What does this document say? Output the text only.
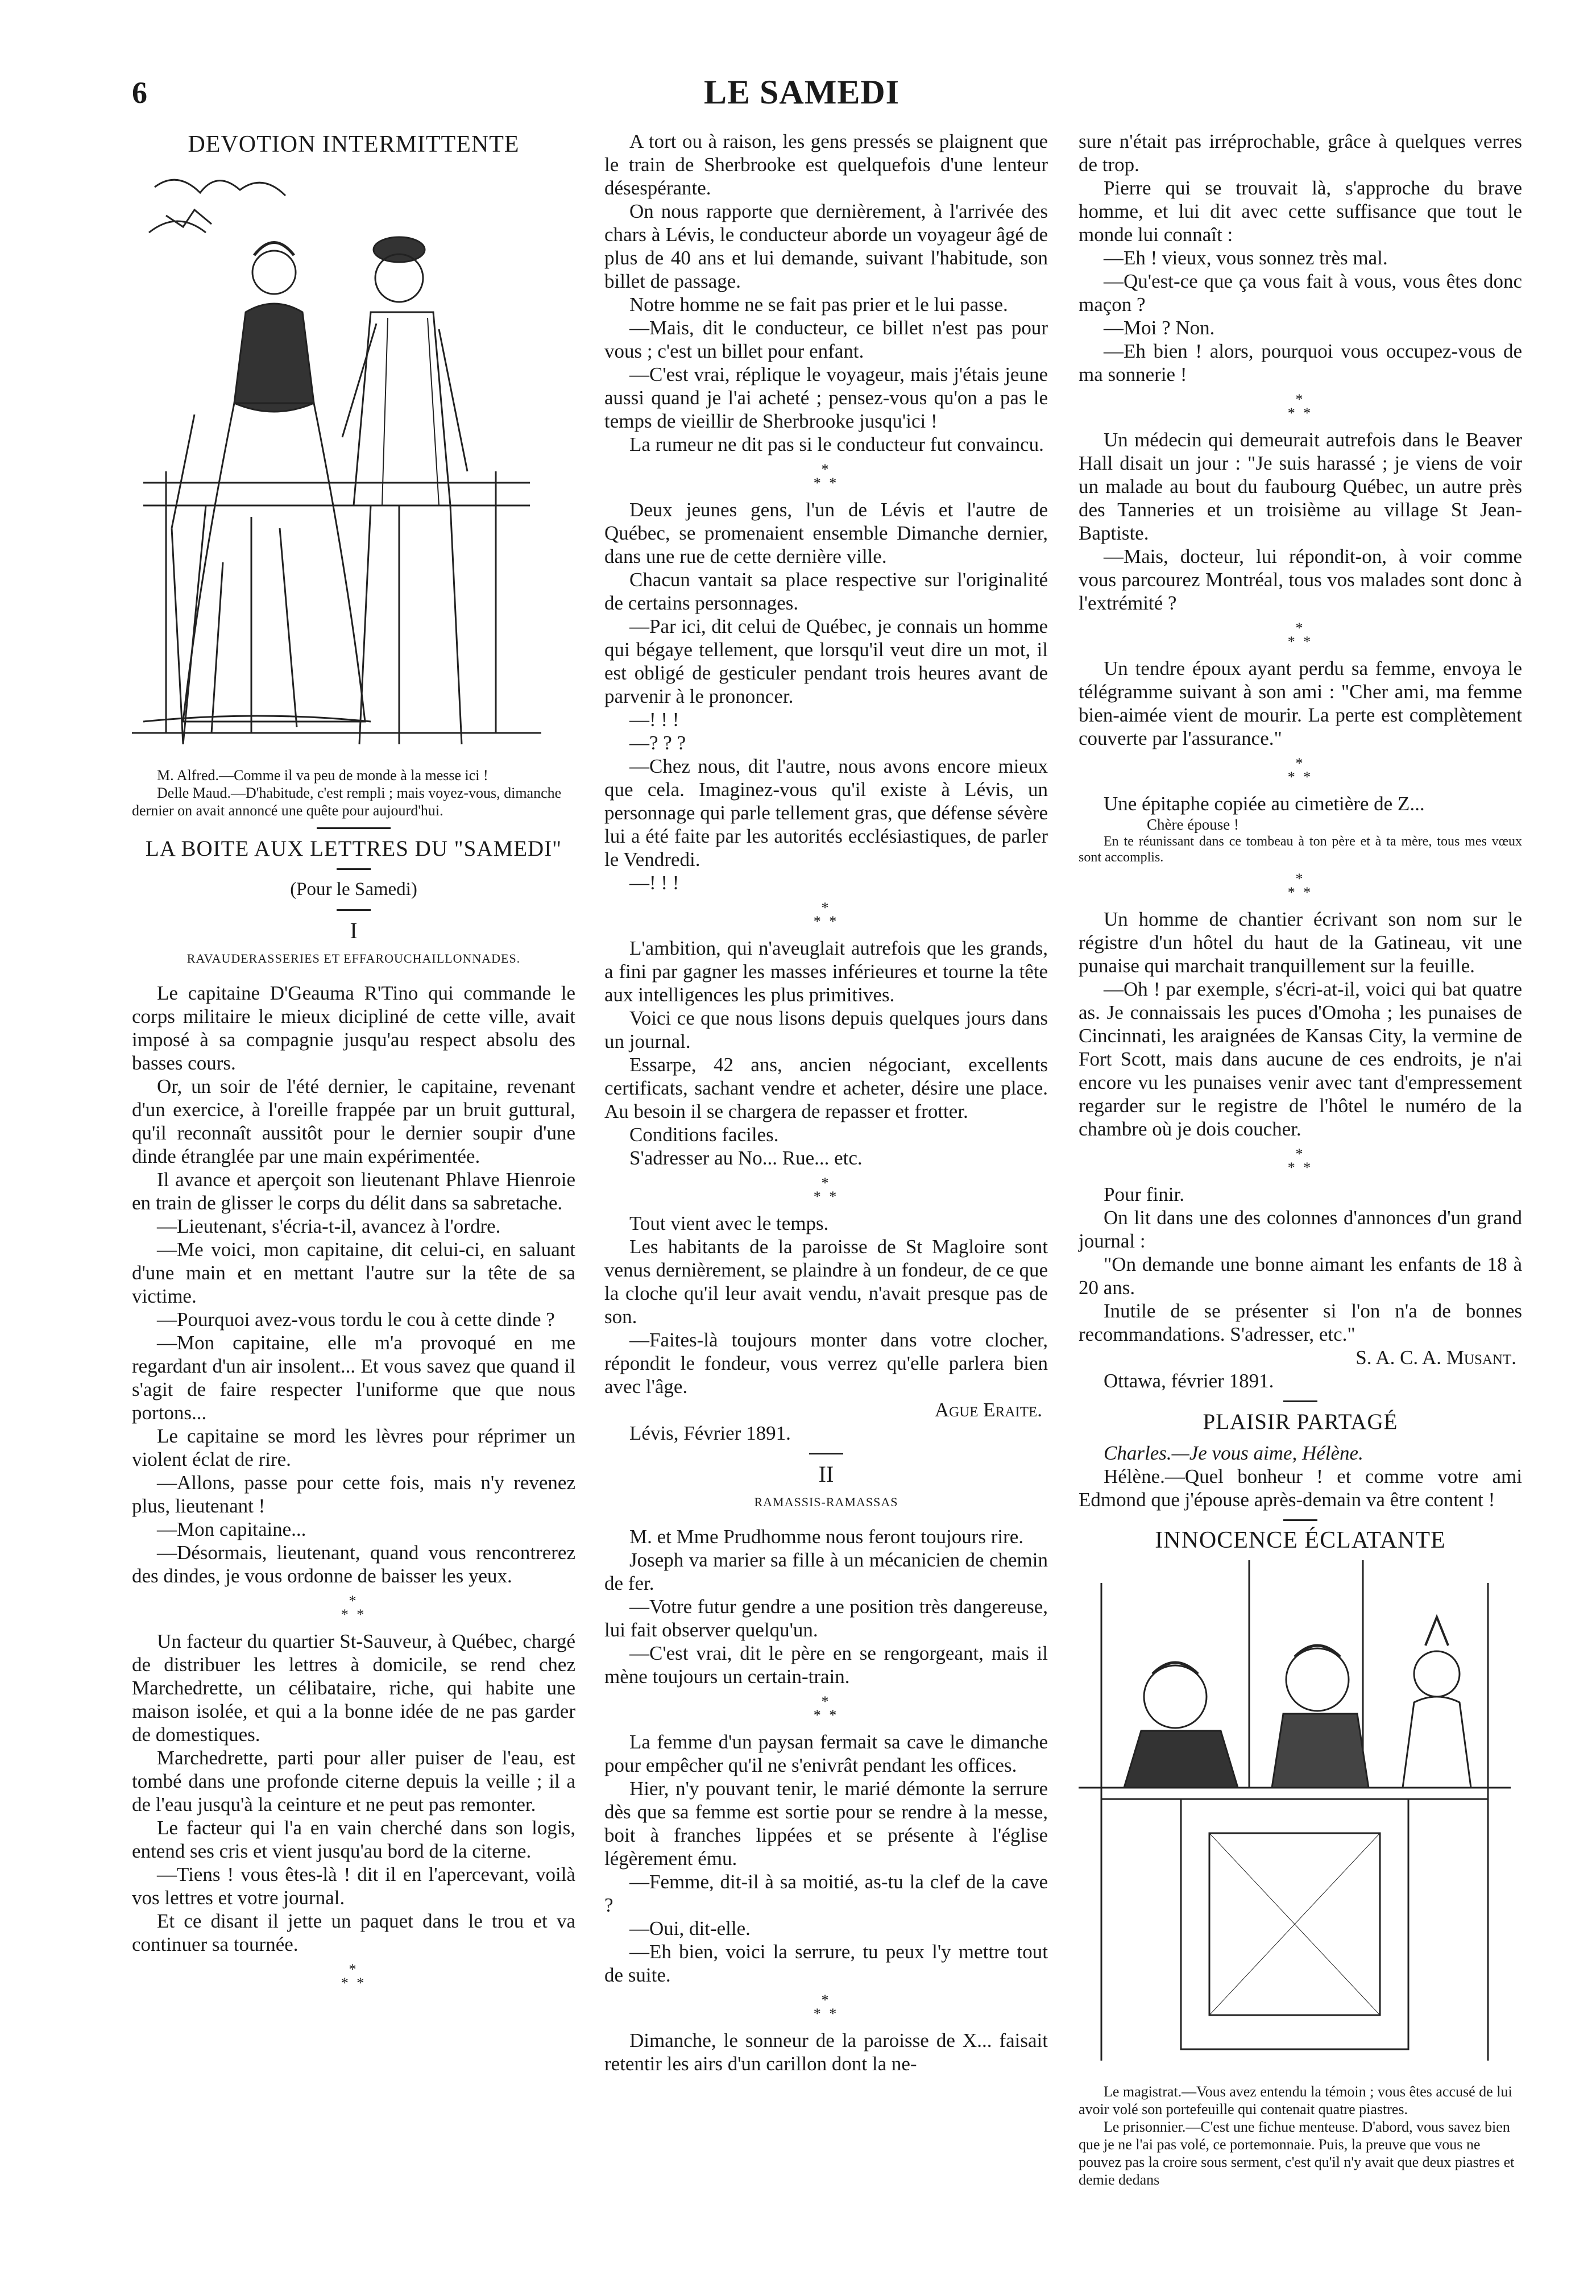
6	LE SAMEDI
DEVOTION INTERMITTENTE

M. Alfred.—Comme il va peu de monde à la messe ici !

Delle Maud.—D'habitude, c'est rempli ; mais voyez-vous, dimanche dernier on avait annoncé une quête pour aujourd'hui.

LA BOITE AUX LETTRES DU "SAMEDI"
(Pour le Samedi)
I
RAVAUDERASSERIES ET EFFAROUCHAILLONNADES.

Le capitaine D'Geauma R'Tino qui commande le corps militaire le mieux dicipliné de cette ville, avait imposé à sa compagnie jusqu'au respect absolu des basses cours.

Or, un soir de l'été dernier, le capitaine, revenant d'un exercice, à l'oreille frappée par un bruit guttural, qu'il reconnaît aussitôt pour le dernier soupir d'une dinde étranglée par une main expérimentée.

Il avance et aperçoit son lieutenant Phlave Hienroie en train de glisser le corps du délit dans sa sabretache.

—Lieutenant, s'écria-t-il, avancez à l'ordre.

—Me voici, mon capitaine, dit celui-ci, en saluant d'une main et en mettant l'autre sur la tête de sa victime.

—Pourquoi avez-vous tordu le cou à cette dinde ?

—Mon capitaine, elle m'a provoqué en me regardant d'un air insolent... Et vous savez que quand il s'agit de faire respecter l'uniforme que que nous portons...

Le capitaine se mord les lèvres pour réprimer un violent éclat de rire.

—Allons, passe pour cette fois, mais n'y revenez plus, lieutenant !

—Mon capitaine...

—Désormais, lieutenant, quand vous rencontrerez des dindes, je vous ordonne de baisser les yeux.

*
* *

Un facteur du quartier St-Sauveur, à Québec, chargé de distribuer les lettres à domicile, se rend chez Marchedrette, un célibataire, riche, qui habite une maison isolée, et qui a la bonne idée de ne pas garder de domestiques.

Marchedrette, parti pour aller puiser de l'eau, est tombé dans une profonde citerne depuis la veille ; il a de l'eau jusqu'à la ceinture et ne peut pas remonter.

Le facteur qui l'a en vain cherché dans son logis, entend ses cris et vient jusqu'au bord de la citerne.

—Tiens ! vous êtes-là ! dit il en l'apercevant, voilà vos lettres et votre journal.

Et ce disant il jette un paquet dans le trou et va continuer sa tournée.

*
* *

A tort ou à raison, les gens pressés se plaignent que le train de Sherbrooke est quelquefois d'une lenteur désespérante.

On nous rapporte que dernièrement, à l'arrivée des chars à Lévis, le conducteur aborde un voyageur âgé de plus de 40 ans et lui demande, suivant l'habitude, son billet de passage.

Notre homme ne se fait pas prier et le lui passe.

—Mais, dit le conducteur, ce billet n'est pas pour vous ; c'est un billet pour enfant.

—C'est vrai, réplique le voyageur, mais j'étais jeune aussi quand je l'ai acheté ; pensez-vous qu'on a pas le temps de vieillir de Sherbrooke jusqu'ici !

La rumeur ne dit pas si le conducteur fut convaincu.

*
* *

Deux jeunes gens, l'un de Lévis et l'autre de Québec, se promenaient ensemble Dimanche dernier, dans une rue de cette dernière ville.

Chacun vantait sa place respective sur l'originalité de certains personnages.

—Par ici, dit celui de Québec, je connais un homme qui bégaye tellement, que lorsqu'il veut dire un mot, il est obligé de gesticuler pendant trois heures avant de parvenir à le prononcer.

—! ! !

—? ? ?

—Chez nous, dit l'autre, nous avons encore mieux que cela. Imaginez-vous qu'il existe à Lévis, un personnage qui parle tellement gras, que défense sévère lui a été faite par les autorités ecclésiastiques, de parler le Vendredi.

—! ! !

*
* *

L'ambition, qui n'aveuglait autrefois que les grands, a fini par gagner les masses inférieures et tourne la tête aux intelligences les plus primitives.

Voici ce que nous lisons depuis quelques jours dans un journal.

Essarpe, 42 ans, ancien négociant, excellents certificats, sachant vendre et acheter, désire une place. Au besoin il se chargera de repasser et frotter.

Conditions faciles.

S'adresser au No... Rue... etc.

*
* *

Tout vient avec le temps.

Les habitants de la paroisse de St Magloire sont venus dernièrement, se plaindre à un fondeur, de ce que la cloche qu'il leur avait vendu, n'avait presque pas de son.

—Faites-là toujours monter dans votre clocher, répondit le fondeur, vous verrez qu'elle parlera bien avec l'âge.

Ague Eraite.

Lévis, Février 1891.

II
RAMASSIS-RAMASSAS

M. et Mme Prudhomme nous feront toujours rire.

Joseph va marier sa fille à un mécanicien de chemin de fer.

—Votre futur gendre a une position très dangereuse, lui fait observer quelqu'un.

—C'est vrai, dit le père en se rengorgeant, mais il mène toujours un certain-train.

*
* *

La femme d'un paysan fermait sa cave le dimanche pour empêcher qu'il ne s'enivrât pendant les offices.

Hier, n'y pouvant tenir, le marié démonte la serrure dès que sa femme est sortie pour se rendre à la messe, boit à franches lippées et se présente à l'église légèrement ému.

—Femme, dit-il à sa moitié, as-tu la clef de la cave ?

—Oui, dit-elle.

—Eh bien, voici la serrure, tu peux l'y mettre tout de suite.

*
* *

Dimanche, le sonneur de la paroisse de X... faisait retentir les airs d'un carillon dont la ne-

sure n'était pas irréprochable, grâce à quelques verres de trop.

Pierre qui se trouvait là, s'approche du brave homme, et lui dit avec cette suffisance que tout le monde lui connaît :

—Eh ! vieux, vous sonnez très mal.

—Qu'est-ce que ça vous fait à vous, vous êtes donc maçon ?

—Moi ? Non.

—Eh bien ! alors, pourquoi vous occupez-vous de ma sonnerie !

*
* *

Un médecin qui demeurait autrefois dans le Beaver Hall disait un jour : "Je suis harassé ; je viens de voir un malade au bout du faubourg Québec, un autre près des Tanneries et un troisième au village St Jean-Baptiste.

—Mais, docteur, lui répondit-on, à voir comme vous parcourez Montréal, tous vos malades sont donc à l'extrémité ?

*
* *

Un tendre époux ayant perdu sa femme, envoya le télégramme suivant à son ami : "Cher ami, ma femme bien-aimée vient de mourir. La perte est complètement couverte par l'assurance."

*
* *

Une épitaphe copiée au cimetière de Z...

Chère épouse !

En te réunissant dans ce tombeau à ton père et à ta mère, tous mes vœux sont accomplis.

*
* *

Un homme de chantier écrivant son nom sur le régistre d'un hôtel du haut de la Gatineau, vit une punaise qui marchait tranquillement sur la feuille.

—Oh ! par exemple, s'écri-at-il, voici qui bat quatre as. Je connaissais les puces d'Omoha ; les punaises de Cincinnati, les araignées de Kansas City, la vermine de Fort Scott, mais dans aucune de ces endroits, je n'ai encore vu les punaises venir avec tant d'empressement regarder sur le registre de l'hôtel le numéro de la chambre où je dois coucher.

*
* *

Pour finir.

On lit dans une des colonnes d'annonces d'un grand journal :

"On demande une bonne aimant les enfants de 18 à 20 ans.

Inutile de se présenter si l'on n'a de bonnes recommandations. S'adresser, etc."

S. A. C. A. Musant.

Ottawa, février 1891.

PLAISIR PARTAGÉ

Charles.—Je vous aime, Hélène.

Hélène.—Quel bonheur ! et comme votre ami Edmond que j'épouse après-demain va être content !

INNOCENCE ÉCLATANTE

Le magistrat.—Vous avez entendu la témoin ; vous êtes accusé de lui avoir volé son portefeuille qui contenait quatre piastres.

Le prisonnier.—C'est une fichue menteuse. D'abord, vous savez bien que je ne l'ai pas volé, ce portemonnaie. Puis, la preuve que vous ne pouvez pas la croire sous serment, c'est qu'il n'y avait que deux piastres et demie dedans
